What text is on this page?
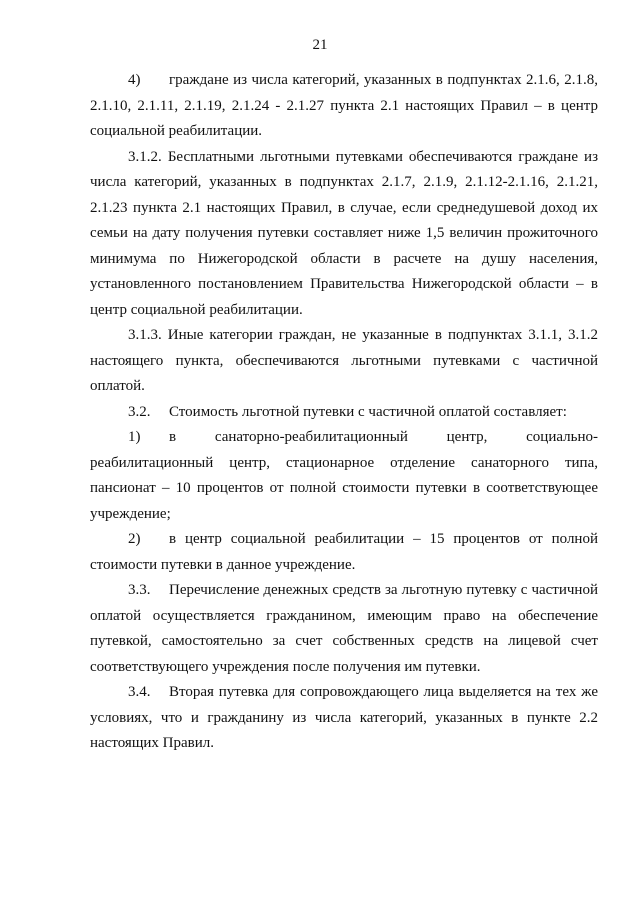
21

4) граждане из числа категорий, указанных в подпунктах 2.1.6, 2.1.8, 2.1.10, 2.1.11, 2.1.19, 2.1.24 - 2.1.27 пункта 2.1 настоящих Правил – в центр социальной реабилитации.

3.1.2. Бесплатными льготными путевками обеспечиваются граждане из числа категорий, указанных в подпунктах 2.1.7, 2.1.9, 2.1.12-2.1.16, 2.1.21, 2.1.23 пункта 2.1 настоящих Правил, в случае, если среднедушевой доход их семьи на дату получения путевки составляет ниже 1,5 величин прожиточного минимума по Нижегородской области в расчете на душу населения, установленного постановлением Правительства Нижегородской области – в центр социальной реабилитации.

3.1.3. Иные категории граждан, не указанные в подпунктах 3.1.1, 3.1.2 настоящего пункта, обеспечиваются льготными путевками с частичной оплатой.

3.2. Стоимость льготной путевки с частичной оплатой составляет:

1) в санаторно-реабилитационный центр, социально-реабилитационный центр, стационарное отделение санаторного типа, пансионат – 10 процентов от полной стоимости путевки в соответствующее учреждение;

2) в центр социальной реабилитации – 15 процентов от полной стоимости путевки в данное учреждение.

3.3. Перечисление денежных средств за льготную путевку с частичной оплатой осуществляется гражданином, имеющим право на обеспечение путевкой, самостоятельно за счет собственных средств на лицевой счет соответствующего учреждения после получения им путевки.

3.4. Вторая путевка для сопровождающего лица выделяется на тех же условиях, что и гражданину из числа категорий, указанных в пункте 2.2 настоящих Правил.
